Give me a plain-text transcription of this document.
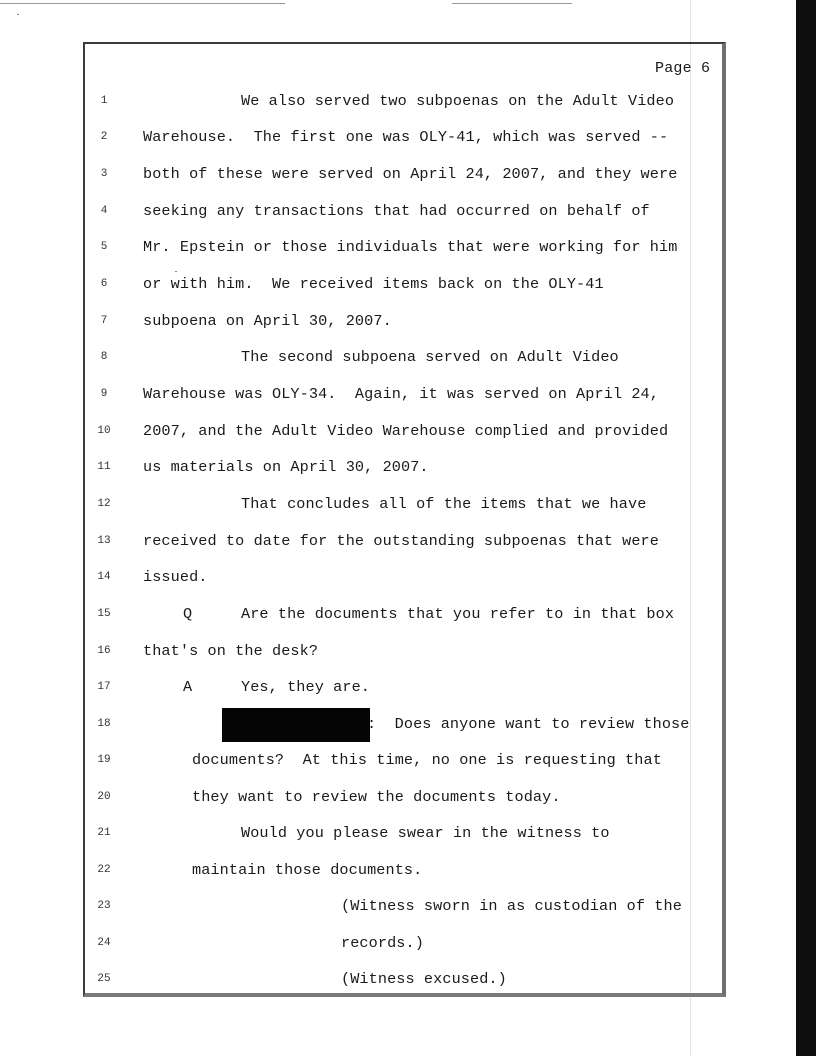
Page 6
1
2
3
4
5
6
7
8
9
10
11
12
13
14
15
16
17
18
19
20
21
22
23
24
25
We also served two subpoenas on the Adult Video
Warehouse.  The first one was OLY-41, which was served --
both of these were served on April 24, 2007, and they were
seeking any transactions that had occurred on behalf of
Mr. Epstein or those individuals that were working for him
or with him.  We received items back on the OLY-41
subpoena on April 30, 2007.
The second subpoena served on Adult Video
Warehouse was OLY-34.  Again, it was served on April 24,
2007, and the Adult Video Warehouse complied and provided
us materials on April 30, 2007.
That concludes all of the items that we have
received to date for the outstanding subpoenas that were
issued.
Q	Are the documents that you refer to in that box
that's on the desk?
A	Yes, they are.
:  Does anyone want to review those
documents?  At this time, no one is requesting that
they want to review the documents today.
Would you please swear in the witness to
maintain those documents.
(Witness sworn in as custodian of the
records.)
(Witness excused.)
